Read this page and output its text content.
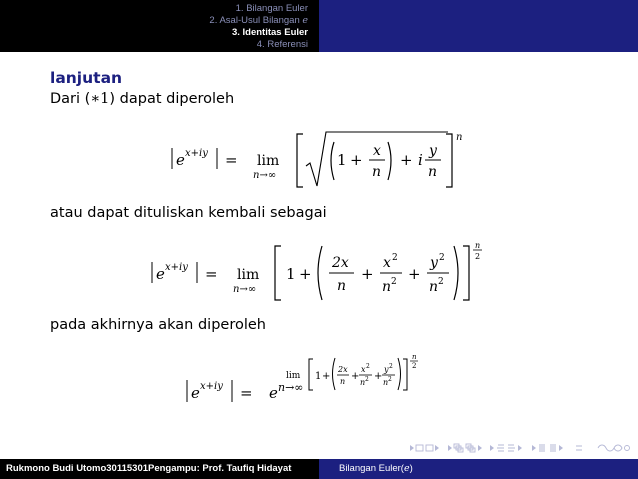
1. Bilangan Euler
2. Asal-Usul Bilangan e
3. Identitas Euler
4. Referensi
lanjutan
Dari (∗1) dapat diperoleh
atau dapat dituliskan kembali sebagai
pada akhirnya akan diperoleh
e x+iy = lim
n→∞
1 + x
n
+ i y
n
n
e x+iy = lim
n→∞
1 +
2x
n
+
x 2
n 2 +
y 2
n 2
n
2
e x+iy = e
lim
n→∞
1 +
2x
n +
x 2
n 2 +
y 2
n 2
n
2
Rukmono Budi Utomo30115301Pengampu: Prof. Taufiq Hidayat	Bilangan Euler(e)
